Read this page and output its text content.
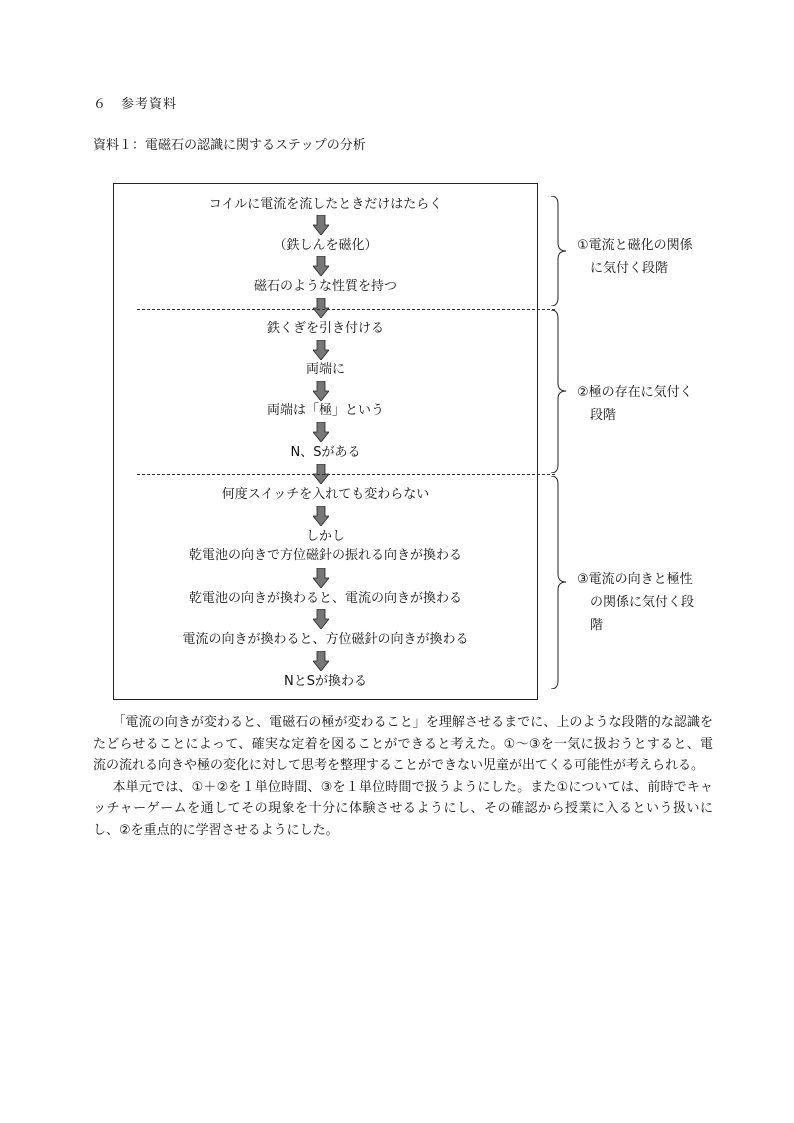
６　参考資料
資料１：電磁石の認識に関するステップの分析
コイルに電流を流したときだけはたらく
（鉄しんを磁化）
磁石のような性質を持つ
鉄くぎを引き付ける
両端に
両端は「極」という
N、Sがある
何度スイッチを入れても変わらない
しかし
乾電池の向きで方位磁針の振れる向きが換わる
乾電池の向きが換わると、電流の向きが換わる
電流の向きが換わると、方位磁針の向きが換わる
NとSが換わる
①電流と磁化の関係
に気付く段階
②極の存在に気付く
段階
③電流の向きと極性
の関係に気付く段
階

「電流の向きが変わると、電磁石の極が変わること」を理解させるまでに、上のような段階的な認識をたどらせることによって、確実な定着を図ることができると考えた。①～③を一気に扱おうとすると、電流の流れる向きや極の変化に対して思考を整理することができない児童が出てくる可能性が考えられる。

本単元では、①＋②を１単位時間、③を１単位時間で扱うようにした。また①については、前時でキャッチャーゲームを通してその現象を十分に体験させるようにし、その確認から授業に入るという扱いにし、②を重点的に学習させるようにした。
